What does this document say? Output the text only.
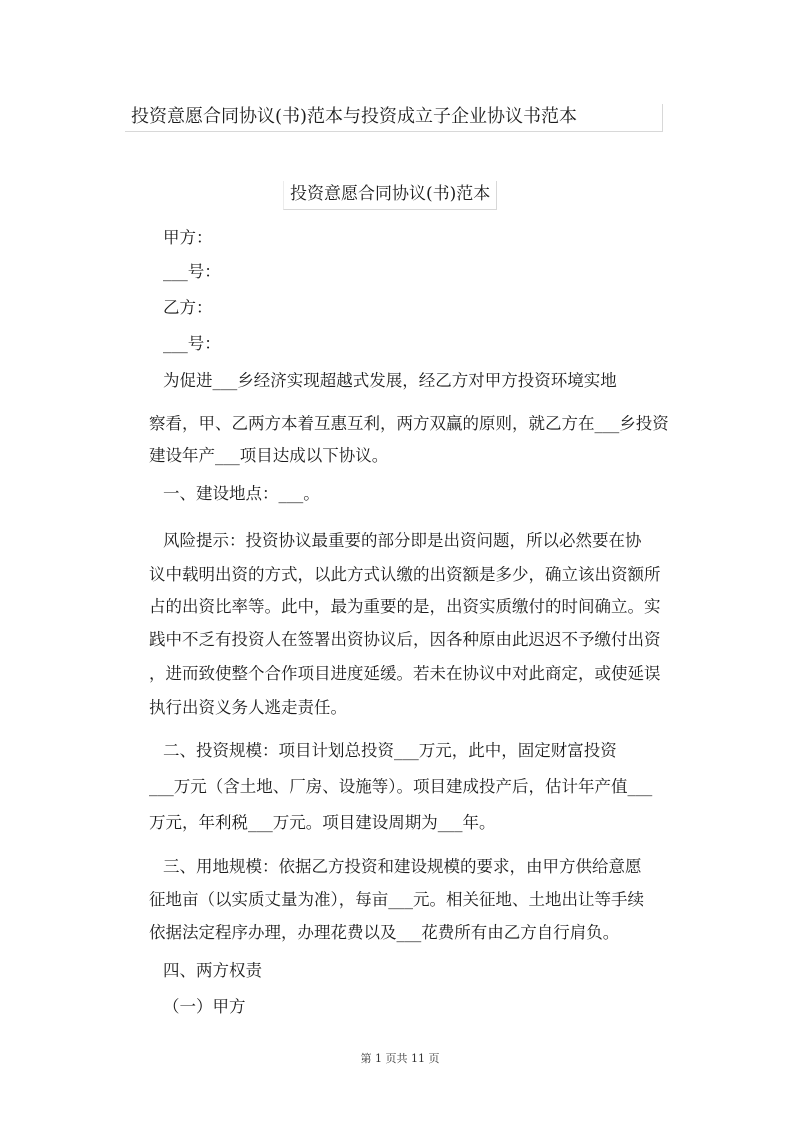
投资意愿合同协议(书)范本与投资成立子企业协议书范本
投资意愿合同协议(书)范本
甲方：
___号：
乙方：
___号：
为促进___乡经济实现超越式发展，经乙方对甲方投资环境实地
察看，甲、乙两方本着互惠互利，两方双赢的原则，就乙方在___乡投资
建设年产___项目达成以下协议。
一、建设地点：___。
风险提示：投资协议最重要的部分即是出资问题，所以必然要在协
议中载明出资的方式，以此方式认缴的出资额是多少，确立该出资额所
占的出资比率等。此中，最为重要的是，出资实质缴付的时间确立。实
践中不乏有投资人在签署出资协议后，因各种原由此迟迟不予缴付出资
，进而致使整个合作项目进度延缓。若未在协议中对此商定，或使延误
执行出资义务人逃走责任。
二、投资规模：项目计划总投资___万元，此中，固定财富投资
___万元（含土地、厂房、设施等）。项目建成投产后，估计年产值___
万元，年利税___万元。项目建设周期为___年。
三、用地规模：依据乙方投资和建设规模的要求，由甲方供给意愿
征地亩（以实质丈量为准），每亩___元。相关征地、土地出让等手续
依据法定程序办理，办理花费以及___花费所有由乙方自行肩负。
四、两方权责
（一）甲方
第 1 页共 11 页
